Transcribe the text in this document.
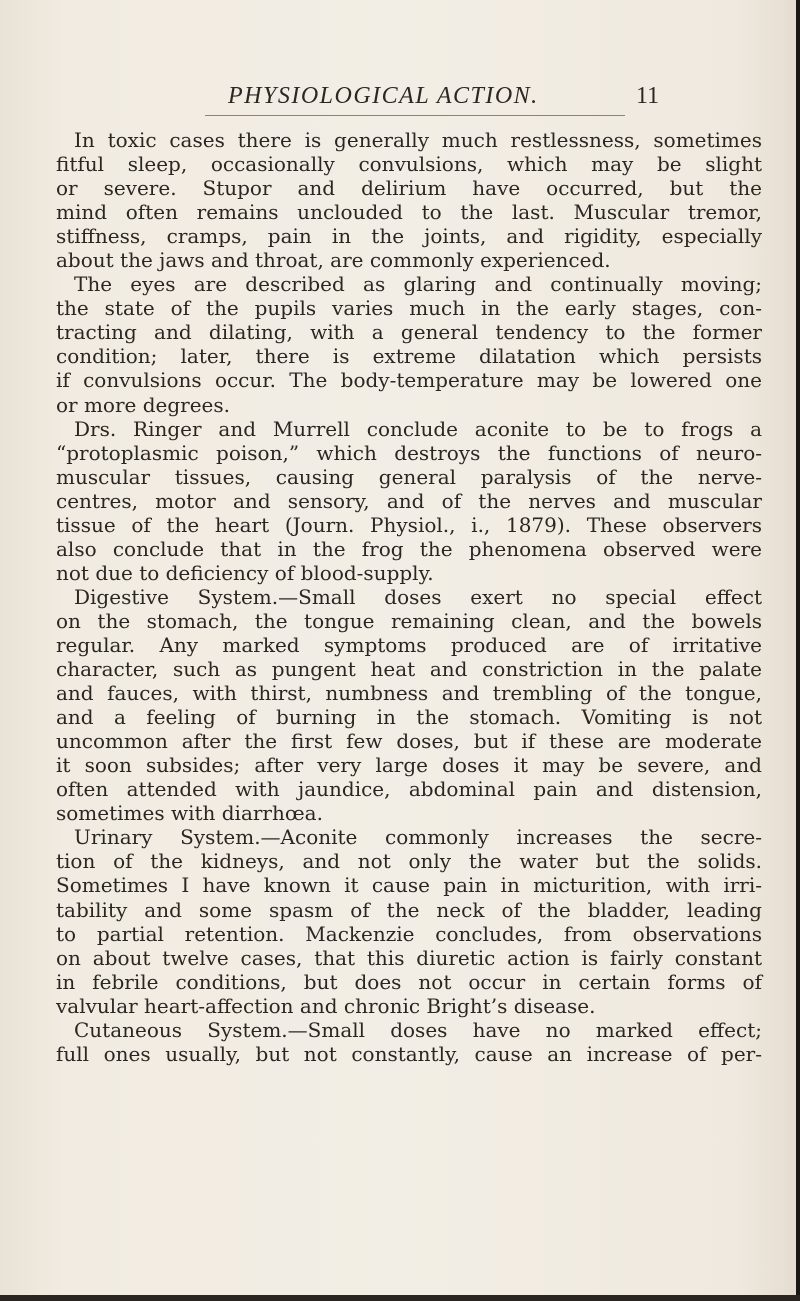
PHYSIOLOGICAL ACTION.	11
In toxic cases there is generally much restlessness, sometimes
fitful sleep, occasionally convulsions, which may be slight
or severe. Stupor and delirium have occurred, but the
mind often remains unclouded to the last. Muscular tremor,
stiffness, cramps, pain in the joints, and rigidity, especially
about the jaws and throat, are commonly experienced.
The eyes are described as glaring and continually moving;
the state of the pupils varies much in the early stages, con-
tracting and dilating, with a general tendency to the former
condition; later, there is extreme dilatation which persists
if convulsions occur. The body-temperature may be lowered one
or more degrees.
Drs. Ringer and Murrell conclude aconite to be to frogs a
“protoplasmic poison,” which destroys the functions of neuro-
muscular tissues, causing general paralysis of the nerve-
centres, motor and sensory, and of the nerves and muscular
tissue of the heart (Journ. Physiol., i., 1879). These observers
also conclude that in the frog the phenomena observed were
not due to deficiency of blood-supply.
Digestive System.—Small doses exert no special effect
on the stomach, the tongue remaining clean, and the bowels
regular. Any marked symptoms produced are of irritative
character, such as pungent heat and constriction in the palate
and fauces, with thirst, numbness and trembling of the tongue,
and a feeling of burning in the stomach. Vomiting is not
uncommon after the first few doses, but if these are moderate
it soon subsides; after very large doses it may be severe, and
often attended with jaundice, abdominal pain and distension,
sometimes with diarrhœa.
Urinary System.—Aconite commonly increases the secre-
tion of the kidneys, and not only the water but the solids.
Sometimes I have known it cause pain in micturition, with irri-
tability and some spasm of the neck of the bladder, leading
to partial retention. Mackenzie concludes, from observations
on about twelve cases, that this diuretic action is fairly constant
in febrile conditions, but does not occur in certain forms of
valvular heart-affection and chronic Bright’s disease.
Cutaneous System.—Small doses have no marked effect;
full ones usually, but not constantly, cause an increase of per-
